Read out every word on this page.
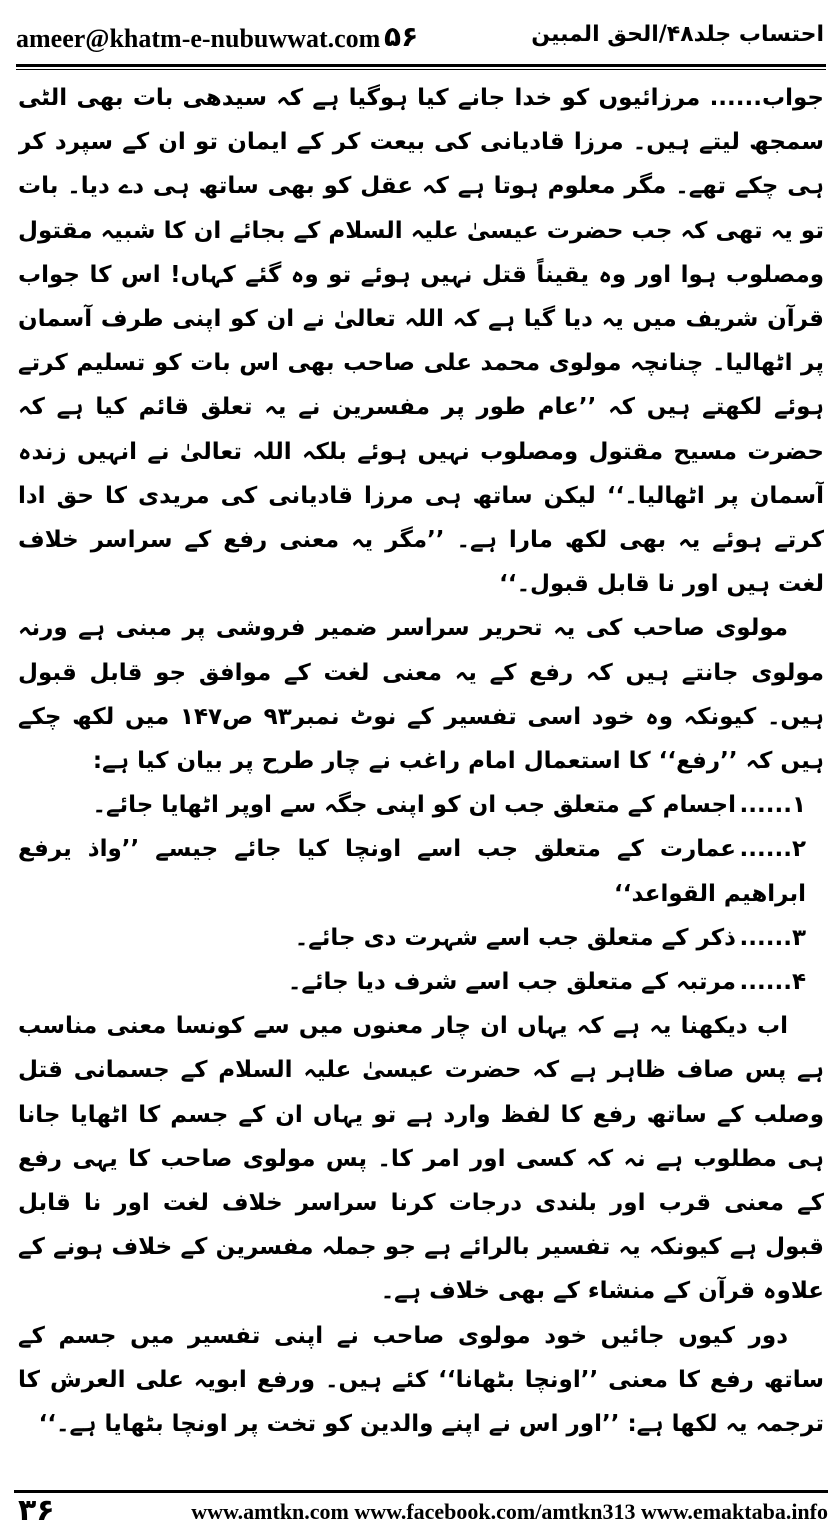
ameer@khatm-e-nubuwwat.com ۵۶	احتساب جلد۴۸/الحق المبین

جواب...... مرزائیوں کو خدا جانے کیا ہوگیا ہے کہ سیدھی بات بھی الٹی سمجھ لیتے ہیں۔ مرزا قادیانی کی بیعت کر کے ایمان تو ان کے سپرد کر ہی چکے تھے۔ مگر معلوم ہوتا ہے کہ عقل کو بھی ساتھ ہی دے دیا۔ بات تو یہ تھی کہ جب حضرت عیسیٰ علیہ السلام کے بجائے ان کا شبیہ مقتول ومصلوب ہوا اور وہ یقیناً قتل نہیں ہوئے تو وہ گئے کہاں! اس کا جواب قرآن شریف میں یہ دیا گیا ہے کہ اللہ تعالیٰ نے ان کو اپنی طرف آسمان پر اٹھالیا۔ چنانچہ مولوی محمد علی صاحب بھی اس بات کو تسلیم کرتے ہوئے لکھتے ہیں کہ ’’عام طور پر مفسرین نے یہ تعلق قائم کیا ہے کہ حضرت مسیح مقتول ومصلوب نہیں ہوئے بلکہ اللہ تعالیٰ نے انہیں زندہ آسمان پر اٹھالیا۔‘‘ لیکن ساتھ ہی مرزا قادیانی کی مریدی کا حق ادا کرتے ہوئے یہ بھی لکھ مارا ہے۔ ’’مگر یہ معنی رفع کے سراسر خلاف لغت ہیں اور نا قابل قبول۔‘‘

مولوی صاحب کی یہ تحریر سراسر ضمیر فروشی پر مبنی ہے ورنہ مولوی جانتے ہیں کہ رفع کے یہ معنی لغت کے موافق جو قابل قبول ہیں۔ کیونکہ وہ خود اسی تفسیر کے نوٹ نمبر۹۳ ص۱۴۷ میں لکھ چکے ہیں کہ ’’رفع‘‘ کا استعمال امام راغب نے چار طرح پر بیان کیا ہے:

۱......اجسام کے متعلق جب ان کو اپنی جگہ سے اوپر اٹھایا جائے۔

۲......عمارت کے متعلق جب اسے اونچا کیا جائے جیسے ’’واذ یرفع ابراھیم القواعد‘‘

۳......ذکر کے متعلق جب اسے شہرت دی جائے۔

۴......مرتبہ کے متعلق جب اسے شرف دیا جائے۔

اب دیکھنا یہ ہے کہ یہاں ان چار معنوں میں سے کونسا معنی مناسب ہے پس صاف ظاہر ہے کہ حضرت عیسیٰ علیہ السلام کے جسمانی قتل وصلب کے ساتھ رفع کا لفظ وارد ہے تو یہاں ان کے جسم کا اٹھایا جانا ہی مطلوب ہے نہ کہ کسی اور امر کا۔ پس مولوی صاحب کا یہی رفع کے معنی قرب اور بلندی درجات کرنا سراسر خلاف لغت اور نا قابل قبول ہے کیونکہ یہ تفسیر بالرائے ہے جو جملہ مفسرین کے خلاف ہونے کے علاوہ قرآن کے منشاء کے بھی خلاف ہے۔

دور کیوں جائیں خود مولوی صاحب نے اپنی تفسیر میں جسم کے ساتھ رفع کا معنی ’’اونچا بٹھانا‘‘ کئے ہیں۔ ورفع ابویہ علی العرش کا ترجمہ یہ لکھا ہے: ’’اور اس نے اپنے والدین کو تخت پر اونچا بٹھایا ہے۔‘‘

۳۶	www.amtkn.com www.facebook.com/amtkn313 www.emaktaba.info
